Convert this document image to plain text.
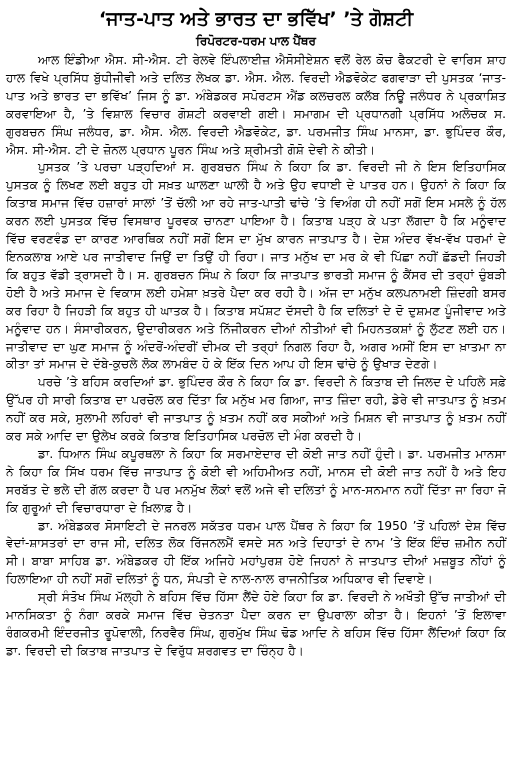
‘ਜਾਤ-ਪਾਤ ਅਤੇ ਭਾਰਤ ਦਾ ਭਵਿੱਖ’ ’ਤੇ ਗੋਸ਼ਟੀ
ਰਿਪੋਰਟਰ-ਧਰਮ ਪਾਲ ਪੈਂਥਰ

ਆਲ ਇੰਡੀਆ ਐਸ. ਸੀ-ਐਸ. ਟੀ ਰੇਲਵੇ ਇੰਪਲਾਈਜ਼ ਐਸੋਸੀਏਸ਼ਨ ਵਲੋਂ ਰੇਲ ਕੋਚ ਫੈਕਟਰੀ ਦੇ ਵਾਰਿਸ ਸ਼ਾਹ ਹਾਲ ਵਿਖੇ ਪ੍ਰਸਿੱਧ ਬੁੱਧੀਜੀਵੀ ਅਤੇ ਦਲਿਤ ਲੇਖਕ ਡਾ. ਐਸ. ਐਲ. ਵਿਰਦੀ ਐਡਵੋਕੇਟ ਫਗਵਾੜਾ ਦੀ ਪੁਸਤਕ ‘ਜਾਤ-ਪਾਤ ਅਤੇ ਭਾਰਤ ਦਾ ਭਵਿੱਖ’ ਜਿਸ ਨੂੰ ਡਾ. ਅੰਬੇਡਕਰ ਸਪੋਰਟਸ ਐਂਡ ਕਲਚਰਲ ਕਲੱਬ ਨਿਊ ਜਲੰਧਰ ਨੇ ਪ੍ਰਕਾਸ਼ਿਤ ਕਰਵਾਇਆ ਹੈ, ’ਤੇ ਵਿਸ਼ਾਲ ਵਿਚਾਰ ਗੋਸ਼ਟੀ ਕਰਵਾਈ ਗਈ। ਸਮਾਗਮ ਦੀ ਪ੍ਰਧਾਨਗੀ ਪ੍ਰਸਿੱਧ ਅਲੋਚਕ ਸ. ਗੁਰਬਚਨ ਸਿੰਘ ਜਲੰਧਰ, ਡਾ. ਐਸ. ਐਲ. ਵਿਰਦੀ ਐਡਵੋਕੇਟ, ਡਾ. ਪਰਮਜੀਤ ਸਿੰਘ ਮਾਨਸਾ, ਡਾ. ਭੁਪਿੰਦਰ ਕੌਰ, ਐਸ. ਸੀ-ਐਸ. ਟੀ ਦੇ ਜ਼ੋਨਲ ਪ੍ਰਧਾਨ ਪੂਰਨ ਸਿੰਘ ਅਤੇ ਸ਼੍ਰੀਮਤੀ ਗੋਸ਼ੋ ਦੇਵੀ ਨੇ ਕੀਤੀ।

ਪੁਸਤਕ ’ਤੇ ਪਰਚਾ ਪੜ੍ਹਦਿਆਂ ਸ. ਗੁਰਬਚਨ ਸਿੰਘ ਨੇ ਕਿਹਾ ਕਿ ਡਾ. ਵਿਰਦੀ ਜੀ ਨੇ ਇਸ ਇਤਿਹਾਸਿਕ ਪੁਸਤਕ ਨੂੰ ਲਿਖਣ ਲਈ ਬਹੁਤ ਹੀ ਸਖ਼ਤ ਘਾਲਣਾ ਘਾਲੀ ਹੈ ਅਤੇ ਉਹ ਵਧਾਈ ਦੇ ਪਾਤਰ ਹਨ। ਉਹਨਾਂ ਨੇ ਕਿਹਾ ਕਿ ਕਿਤਾਬ ਸਮਾਜ ਵਿੱਚ ਹਜ਼ਾਰਾਂ ਸਾਲਾਂ ’ਤੋਂ ਚੱਲੀ ਆ ਰਹੇ ਜਾਤ-ਪਾਤੀ ਢਾਂਚੇ ’ਤੇ ਵਿਅੰਗ ਹੀ ਨਹੀਂ ਸਗੋਂ ਇਸ ਮਸਲੇ ਨੂੰ ਹੱਲ ਕਰਨ ਲਈ ਪੁਸਤਕ ਵਿੱਚ ਵਿਸਥਾਰ ਪੂਰਵਕ ਚਾਨਣਾ ਪਾਇਆ ਹੈ। ਕਿਤਾਬ ਪੜ੍ਹ ਕੇ ਪਤਾ ਲੱਗਦਾ ਹੈ ਕਿ ਮਨੂੰਵਾਦ ਵਿੱਚ ਵਰਣਵੰਡ ਦਾ ਕਾਰਣ ਆਰਥਿਕ ਨਹੀਂ ਸਗੋਂ ਇਸ ਦਾ ਮੁੱਖ ਕਾਰਨ ਜਾਤਪਾਤ ਹੈ। ਦੇਸ਼ ਅੰਦਰ ਵੱਖ-ਵੱਖ ਧਰਮਾਂ ਦੇ ਇਨਕਲਾਬ ਆਏ ਪਰ ਜਾਤੀਵਾਦ ਜਿਉਂ ਦਾ ਤਿਉਂ ਹੀ ਰਿਹਾ। ਜਾਤ ਮਨੁੱਖ ਦਾ ਮਰ ਕੇ ਵੀ ਪਿੱਛਾ ਨਹੀਂ ਛੱਡਦੀ ਜਿਹੜੀ ਕਿ ਬਹੁਤ ਵੱਡੀ ਤ੍ਰਾਸਦੀ ਹੈ। ਸ. ਗੁਰਬਚਨ ਸਿੰਘ ਨੇ ਕਿਹਾ ਕਿ ਜਾਤਪਾਤ ਭਾਰਤੀ ਸਮਾਜ ਨੂੰ ਕੈਂਸਰ ਦੀ ਤਰ੍ਹਾਂ ਚੁੰਬੜੀ ਹੋਈ ਹੈ ਅਤੇ ਸਮਾਜ ਦੇ ਵਿਕਾਸ ਲਈ ਹਮੇਸ਼ਾ ਖ਼ਤਰੇ ਪੈਦਾ ਕਰ ਰਹੀ ਹੈ। ਅੱਜ ਦਾ ਮਨੁੱਖ ਕਲਪਨਾਮਈ ਜ਼ਿੰਦਗੀ ਬਸਰ ਕਰ ਰਿਹਾ ਹੈ ਜਿਹੜੀ ਕਿ ਬਹੁਤ ਹੀ ਘਾਤਕ ਹੈ। ਕਿਤਾਬ ਸਪੱਸ਼ਟ ਦੱਸਦੀ ਹੈ ਕਿ ਦਲਿਤਾਂ ਦੇ ਦੋ ਦੁਸ਼ਮਣ ਪੂੰਜੀਵਾਦ ਅਤੇ ਮਨੂੰਵਾਦ ਹਨ। ਸੰਸਾਰੀਕਰਨ, ਉਦਾਰੀਕਰਨ ਅਤੇ ਨਿੱਜੀਕਰਨ ਦੀਆਂ ਨੀਤੀਆਂ ਵੀ ਮਿਹਨਤਕਸ਼ਾਂ ਨੂੰ ਲੁੱਟਣ ਲਈ ਹਨ। ਜਾਤੀਵਾਦ ਦਾ ਘੁਣ ਸਮਾਜ ਨੂੰ ਅੰਦਰੋਂ-ਅੰਦਰੀਂ ਦੀਮਕ ਦੀ ਤਰ੍ਹਾਂ ਨਿਗਲ ਰਿਹਾ ਹੈ, ਅਗਰ ਅਸੀਂ ਇਸ ਦਾ ਖ਼ਾਤਮਾ ਨਾ ਕੀਤਾ ਤਾਂ ਸਮਾਜ ਦੇ ਦੱਬੇ-ਕੁਚਲੇ ਲੋਕ ਲਾਮਬੰਦ ਹੋ ਕੇ ਇੱਕ ਦਿਨ ਆਪ ਹੀ ਇਸ ਢਾਂਚੇ ਨੂੰ ਉਖਾੜ ਦੇਣਗੇ।

ਪਰਚੇ ’ਤੇ ਬਹਿਸ ਕਰਦਿਆਂ ਡਾ. ਭੁਪਿੰਦਰ ਕੌਰ ਨੇ ਕਿਹਾ ਕਿ ਡਾ. ਵਿਰਦੀ ਨੇ ਕਿਤਾਬ ਦੀ ਜਿਲਦ ਦੇ ਪਹਿਲੇ ਸਫ਼ੇ ਉੱਪਰ ਹੀ ਸਾਰੀ ਕਿਤਾਬ ਦਾ ਪਰਚੋਲ ਕਰ ਦਿੱਤਾ ਕਿ ਮਨੁੱਖ ਮਰ ਗਿਆ, ਜਾਤ ਜ਼ਿੰਦਾ ਰਹੀ, ਡੇਰੇ ਵੀ ਜਾਤਪਾਤ ਨੂੰ ਖ਼ਤਮ ਨਹੀਂ ਕਰ ਸਕੇ, ਸੁਲਾਮੀ ਲਹਿਰਾਂ ਵੀ ਜਾਤਪਾਤ ਨੂੰ ਖ਼ਤਮ ਨਹੀਂ ਕਰ ਸਕੀਆਂ ਅਤੇ ਮਿਸ਼ਨ ਵੀ ਜਾਤਪਾਤ ਨੂੰ ਖ਼ਤਮ ਨਹੀਂ ਕਰ ਸਕੇ ਆਦਿ ਦਾ ਉਲੇਖ ਕਰਕੇ ਕਿਤਾਬ ਇਤਿਹਾਸਿਕ ਪਰਚੋਲ ਦੀ ਮੰਗ ਕਰਦੀ ਹੈ।

ਡਾ. ਧਿਆਨ ਸਿੰਘ ਕਪੂਰਥਲਾ ਨੇ ਕਿਹਾ ਕਿ ਸਰਮਾਏਦਾਰ ਦੀ ਕੋਈ ਜਾਤ ਨਹੀਂ ਹੁੰਦੀ। ਡਾ. ਪਰਮਜੀਤ ਮਾਨਸਾ ਨੇ ਕਿਹਾ ਕਿ ਸਿੱਖ ਧਰਮ ਵਿੱਚ ਜਾਤਪਾਤ ਨੂੰ ਕੋਈ ਵੀ ਅਹਿਮੀਅਤ ਨਹੀਂ, ਮਾਨਸ ਦੀ ਕੋਈ ਜਾਤ ਨਹੀਂ ਹੈ ਅਤੇ ਇਹ ਸਰਬੱਤ ਦੇ ਭਲੇ ਦੀ ਗੱਲ ਕਰਦਾ ਹੈ ਪਰ ਮਨਮੁੱਖ ਲੋਕਾਂ ਵਲੋਂ ਅਜੇ ਵੀ ਦਲਿਤਾਂ ਨੂੰ ਮਾਨ-ਸਨਮਾਨ ਨਹੀਂ ਦਿੱਤਾ ਜਾ ਰਿਹਾ ਜੋ ਕਿ ਗੁਰੂਆਂ ਦੀ ਵਿਚਾਰਧਾਰਾ ਦੇ ਖ਼ਿਲਾਫ਼ ਹੈ।

ਡਾ. ਅੰਬੇਡਕਰ ਸੋਸਾਇਟੀ ਦੇ ਜਨਰਲ ਸਕੱਤਰ ਧਰਮ ਪਾਲ ਪੈਂਥਰ ਨੇ ਕਿਹਾ ਕਿ 1950 ’ਤੋਂ ਪਹਿਲਾਂ ਦੇਸ਼ ਵਿੱਚ ਵੇਦਾਂ-ਸ਼ਾਸਤਰਾਂ ਦਾ ਰਾਜ ਸੀ, ਦਲਿਤ ਲੋਕ ਰਿੱਜਨਲਮੈਂ ਵਸਦੇ ਸਨ ਅਤੇ ਦਿਹਾਤਾਂ ਦੇ ਨਾਮ ’ਤੇ ਇੱਕ ਇੰਚ ਜ਼ਮੀਨ ਨਹੀਂ ਸੀ। ਬਾਬਾ ਸਾਹਿਬ ਡਾ. ਅੰਬੇਡਕਰ ਹੀ ਇੱਕ ਅਜਿਹੇ ਮਹਾਂਪੁਰਸ਼ ਹੋਏ ਜਿਹਨਾਂ ਨੇ ਜਾਤਪਾਤ ਦੀਆਂ ਮਜ਼ਬੂਤ ਨੀਂਹਾਂ ਨੂੰ ਹਿਲਾਇਆ ਹੀ ਨਹੀਂ ਸਗੋਂ ਦਲਿਤਾਂ ਨੂੰ ਧਨ, ਸੰਪਤੀ ਦੇ ਨਾਲ-ਨਾਲ ਰਾਜਨੀਤਿਕ ਅਧਿਕਾਰ ਵੀ ਦਿਵਾਏ।

ਸ੍ਰੀ ਸੰਤੋਖ ਸਿੰਘ ਮੱਲ੍ਹੀ ਨੇ ਬਹਿਸ ਵਿੱਚ ਹਿੱਸਾ ਲੈਂਦੇ ਹੋਏ ਕਿਹਾ ਕਿ ਡਾ. ਵਿਰਦੀ ਨੇ ਅਖੌਤੀ ਉੱਚ ਜਾਤੀਆਂ ਦੀ ਮਾਨਸਿਕਤਾ ਨੂੰ ਨੰਗਾ ਕਰਕੇ ਸਮਾਜ ਵਿੱਚ ਚੇਤਨਤਾ ਪੈਦਾ ਕਰਨ ਦਾ ਉਪਰਾਲਾ ਕੀਤਾ ਹੈ। ਇਹਨਾਂ ’ਤੋਂ ਇਲਾਵਾ ਰੰਗਕਰਮੀ ਇੰਦਰਜੀਤ ਰੂਪੋਵਾਲੀ, ਨਿਰਵੈਰ ਸਿੰਘ, ਗੁਰਮੁੱਖ ਸਿੰਘ ਢੋਡ ਆਦਿ ਨੇ ਬਹਿਸ ਵਿੱਚ ਹਿੱਸਾ ਲੈਂਦਿਆਂ ਕਿਹਾ ਕਿ ਡਾ. ਵਿਰਦੀ ਦੀ ਕਿਤਾਬ ਜਾਤਪਾਤ ਦੇ ਵਿਰੁੱਧ ਸ਼ਰਗਵਤ ਦਾ ਚਿੰਨ੍ਹ ਹੈ।
